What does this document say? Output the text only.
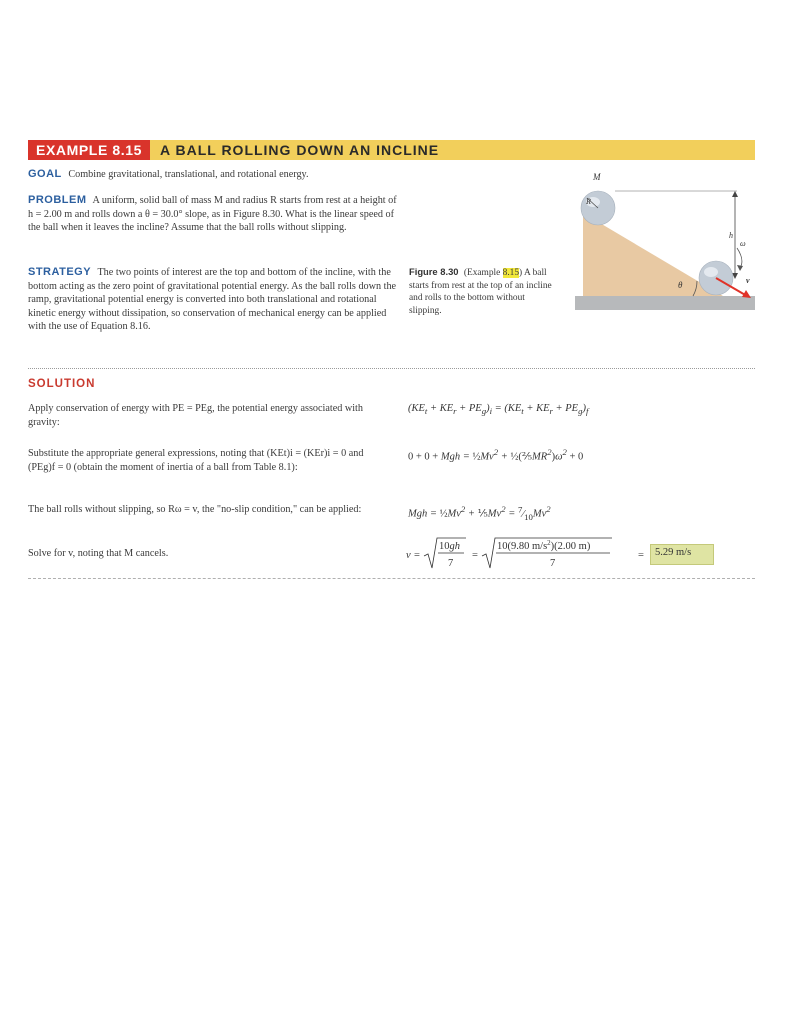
EXAMPLE 8.15 A BALL ROLLING DOWN AN INCLINE
GOAL Combine gravitational, translational, and rotational energy.
PROBLEM A uniform, solid ball of mass M and radius R starts from rest at a height of h = 2.00 m and rolls down a θ = 30.0° slope, as in Figure 8.30. What is the linear speed of the ball when it leaves the incline? Assume that the ball rolls without slipping.
STRATEGY The two points of interest are the top and bottom of the incline, with the bottom acting as the zero point of gravitational potential energy. As the ball rolls down the ramp, gravitational potential energy is converted into both translational and rotational kinetic energy without dissipation, so conservation of mechanical energy can be applied with the use of Equation 8.16.
Figure 8.30 (Example 8.15) A ball starts from rest at the top of an incline and rolls to the bottom without slipping.
θ
R
M
h
ω
v
SOLUTION
Apply conservation of energy with PE = PEg, the potential energy associated with gravity:
$(KE_t + KE_r + PE_g)_i = (KE_t + KE_r + PE_g)_f$
Substitute the appropriate general expressions, noting that (KEt)i = (KEr)i = 0 and (PEg)f = 0 (obtain the moment of inertia of a ball from Table 8.1):
0 + 0 + Mgh = $\frac{1}{2}Mv^2$ + $\frac{1}{2}(\frac{2}{5}MR^2)\omega^2 + 0$
The ball rolls without slipping, so Rω = v, the "no-slip condition," can be applied:	Mgh = $\frac{1}{2}Mv^2$ + $\frac{1}{5}Mv^2$ = $^7⁄_{10}Mv^2$
Solve for v, noting that M cancels.	v =
10gh
7
=
10(9.80 $m/s^2)(2.00$ m)
7
= 5.29 m/s
